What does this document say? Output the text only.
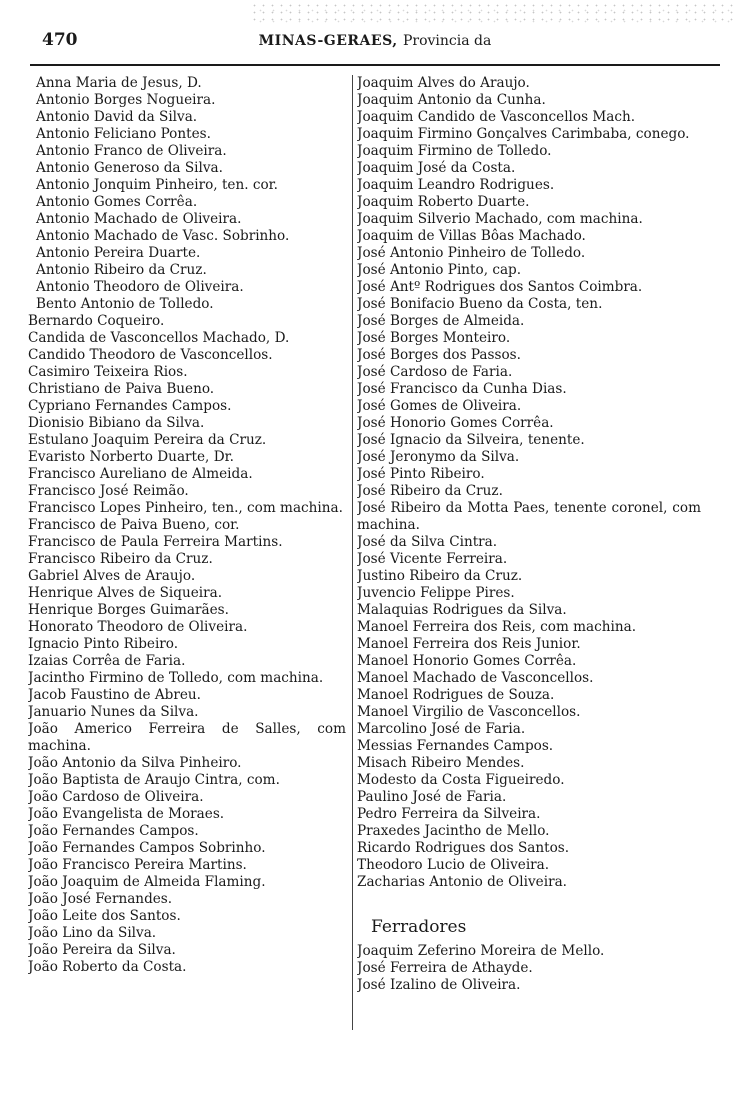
470	MINAS-GERAES, Provincia da
Anna Maria de Jesus, D.
Antonio Borges Nogueira.
Antonio David da Silva.
Antonio Feliciano Pontes.
Antonio Franco de Oliveira.
Antonio Generoso da Silva.
Antonio Jonquim Pinheiro, ten. cor.
Antonio Gomes Corrêa.
Antonio Machado de Oliveira.
Antonio Machado de Vasc. Sobrinho.
Antonio Pereira Duarte.
Antonio Ribeiro da Cruz.
Antonio Theodoro de Oliveira.
Bento Antonio de Tolledo.
Bernardo Coqueiro.
Candida de Vasconcellos Machado, D.
Candido Theodoro de Vasconcellos.
Casimiro Teixeira Rios.
Christiano de Paiva Bueno.
Cypriano Fernandes Campos.
Dionisio Bibiano da Silva.
Estulano Joaquim Pereira da Cruz.
Evaristo Norberto Duarte, Dr.
Francisco Aureliano de Almeida.
Francisco José Reimão.
Francisco Lopes Pinheiro, ten., com machina.
Francisco de Paiva Bueno, cor.
Francisco de Paula Ferreira Martins.
Francisco Ribeiro da Cruz.
Gabriel Alves de Araujo.
Henrique Alves de Siqueira.
Henrique Borges Guimarães.
Honorato Theodoro de Oliveira.
Ignacio Pinto Ribeiro.
Izaias Corrêa de Faria.
Jacintho Firmino de Tolledo, com machina.
Jacob Faustino de Abreu.
Januario Nunes da Silva.
João Americo Ferreira de Salles, com machina.
João Antonio da Silva Pinheiro.
João Baptista de Araujo Cintra, com.
João Cardoso de Oliveira.
João Evangelista de Moraes.
João Fernandes Campos.
João Fernandes Campos Sobrinho.
João Francisco Pereira Martins.
João Joaquim de Almeida Flaming.
João José Fernandes.
João Leite dos Santos.
João Lino da Silva.
João Pereira da Silva.
João Roberto da Costa.
Joaquim Alves do Araujo.
Joaquim Antonio da Cunha.
Joaquim Candido de Vasconcellos Mach.
Joaquim Firmino Gonçalves Carimbaba, conego.
Joaquim Firmino de Tolledo.
Joaquim José da Costa.
Joaquim Leandro Rodrigues.
Joaquim Roberto Duarte.
Joaquim Silverio Machado, com machina.
Joaquim de Villas Bôas Machado.
José Antonio Pinheiro de Tolledo.
José Antonio Pinto, cap.
José Antº Rodrigues dos Santos Coimbra.
José Bonifacio Bueno da Costa, ten.
José Borges de Almeida.
José Borges Monteiro.
José Borges dos Passos.
José Cardoso de Faria.
José Francisco da Cunha Dias.
José Gomes de Oliveira.
José Honorio Gomes Corrêa.
José Ignacio da Silveira, tenente.
José Jeronymo da Silva.
José Pinto Ribeiro.
José Ribeiro da Cruz.
José Ribeiro da Motta Paes, tenente coronel, com machina.
José da Silva Cintra.
José Vicente Ferreira.
Justino Ribeiro da Cruz.
Juvencio Felippe Pires.
Malaquias Rodrigues da Silva.
Manoel Ferreira dos Reis, com machina.
Manoel Ferreira dos Reis Junior.
Manoel Honorio Gomes Corrêa.
Manoel Machado de Vasconcellos.
Manoel Rodrigues de Souza.
Manoel Virgilio de Vasconcellos.
Marcolino José de Faria.
Messias Fernandes Campos.
Misach Ribeiro Mendes.
Modesto da Costa Figueiredo.
Paulino José de Faria.
Pedro Ferreira da Silveira.
Praxedes Jacintho de Mello.
Ricardo Rodrigues dos Santos.
Theodoro Lucio de Oliveira.
Zacharias Antonio de Oliveira.
Ferradores
Joaquim Zeferino Moreira de Mello.
José Ferreira de Athayde.
José Izalino de Oliveira.
